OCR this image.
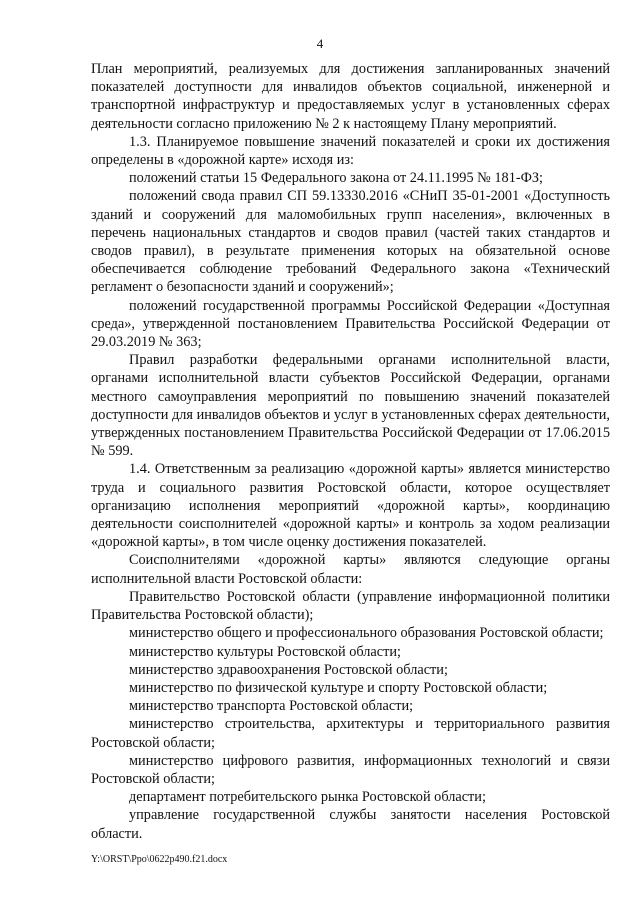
4

План мероприятий, реализуемых для достижения запланированных значений показателей доступности для инвалидов объектов социальной, инженерной и транспортной инфраструктур и предоставляемых услуг в установленных сферах деятельности согласно приложению № 2 к настоящему Плану мероприятий.

1.3. Планируемое повышение значений показателей и сроки их достижения определены в «дорожной карте» исходя из:

положений статьи 15 Федерального закона от 24.11.1995 № 181-ФЗ;

положений свода правил СП 59.13330.2016 «СНиП 35-01-2001 «Доступность зданий и сооружений для маломобильных групп населения», включенных в перечень национальных стандартов и сводов правил (частей таких стандартов и сводов правил), в результате применения которых на обязательной основе обеспечивается соблюдение требований Федерального закона «Технический регламент о безопасности зданий и сооружений»;

положений государственной программы Российской Федерации «Доступная среда», утвержденной постановлением Правительства Российской Федерации от 29.03.2019 № 363;

Правил разработки федеральными органами исполнительной власти, органами исполнительной власти субъектов Российской Федерации, органами местного самоуправления мероприятий по повышению значений показателей доступности для инвалидов объектов и услуг в установленных сферах деятельности, утвержденных постановлением Правительства Российской Федерации от 17.06.2015 № 599.

1.4. Ответственным за реализацию «дорожной карты» является министерство труда и социального развития Ростовской области, которое осуществляет организацию исполнения мероприятий «дорожной карты», координацию деятельности соисполнителей «дорожной карты» и контроль за ходом реализации «дорожной карты», в том числе оценку достижения показателей.

Соисполнителями «дорожной карты» являются следующие органы исполнительной власти Ростовской области:

Правительство Ростовской области (управление информационной политики Правительства Ростовской области);

министерство общего и профессионального образования Ростовской области;

министерство культуры Ростовской области;

министерство здравоохранения Ростовской области;

министерство по физической культуре и спорту Ростовской области;

министерство транспорта Ростовской области;

министерство строительства, архитектуры и территориального развития Ростовской области;

министерство цифрового развития, информационных технологий и связи Ростовской области;

департамент потребительского рынка Ростовской области;

управление государственной службы занятости населения Ростовской области.

Y:\ORST\Ppo\0622p490.f21.docx
